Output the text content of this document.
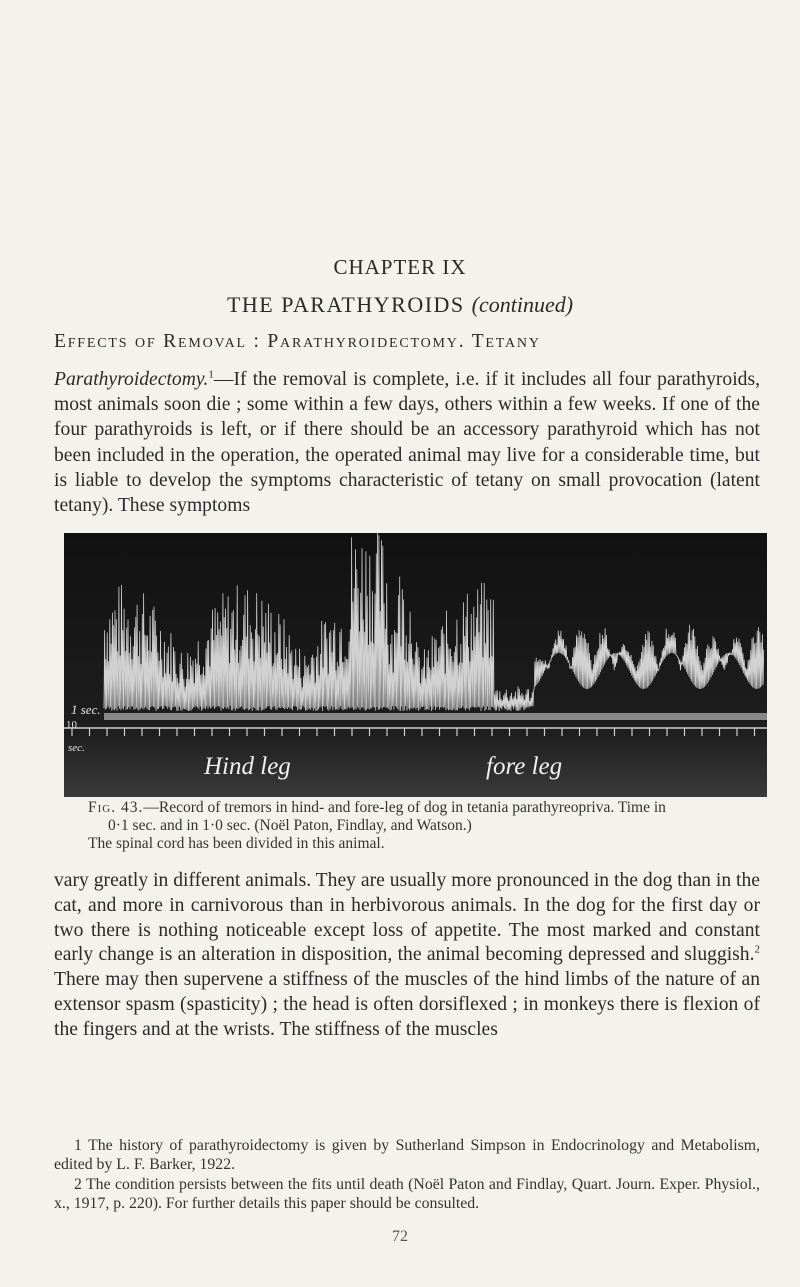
CHAPTER IX
THE PARATHYROIDS (continued)
Effects of Removal : Parathyroidectomy. Tetany

Parathyroidectomy.$^1$—If the removal is complete, i.e. if it includes all four parathyroids, most animals soon die ; some within a few days, others within a few weeks. If one of the four parathyroids is left, or if there should be an accessory parathyroid which has not been included in the operation, the operated animal may live for a considerable time, but is liable to develop the symptoms characteristic of tetany on small provocation (latent tetany). These symptoms

1 sec.
10
sec.
Hind leg	fore leg

Fig. 43.—Record of tremors in hind- and fore-leg of dog in tetania parathyreopriva. Time in
0·1 sec. and in 1·0 sec. (Noël Paton, Findlay, and Watson.)
The spinal cord has been divided in this animal.

vary greatly in different animals. They are usually more pronounced in the dog than in the cat, and more in carnivorous than in herbivorous animals. In the dog for the first day or two there is nothing noticeable except loss of appetite. The most marked and constant early change is an alteration in disposition, the animal becoming depressed and sluggish.$^2$ There may then supervene a stiffness of the muscles of the hind limbs of the nature of an extensor spasm (spasticity) ; the head is often dorsiflexed ; in monkeys there is flexion of the fingers and at the wrists. The stiffness of the muscles

1 The history of parathyroidectomy is given by Sutherland Simpson in Endocrinology and Metabolism, edited by L. F. Barker, 1922.

2 The condition persists between the fits until death (Noël Paton and Findlay, Quart. Journ. Exper. Physiol., x., 1917, p. 220). For further details this paper should be consulted.

72
